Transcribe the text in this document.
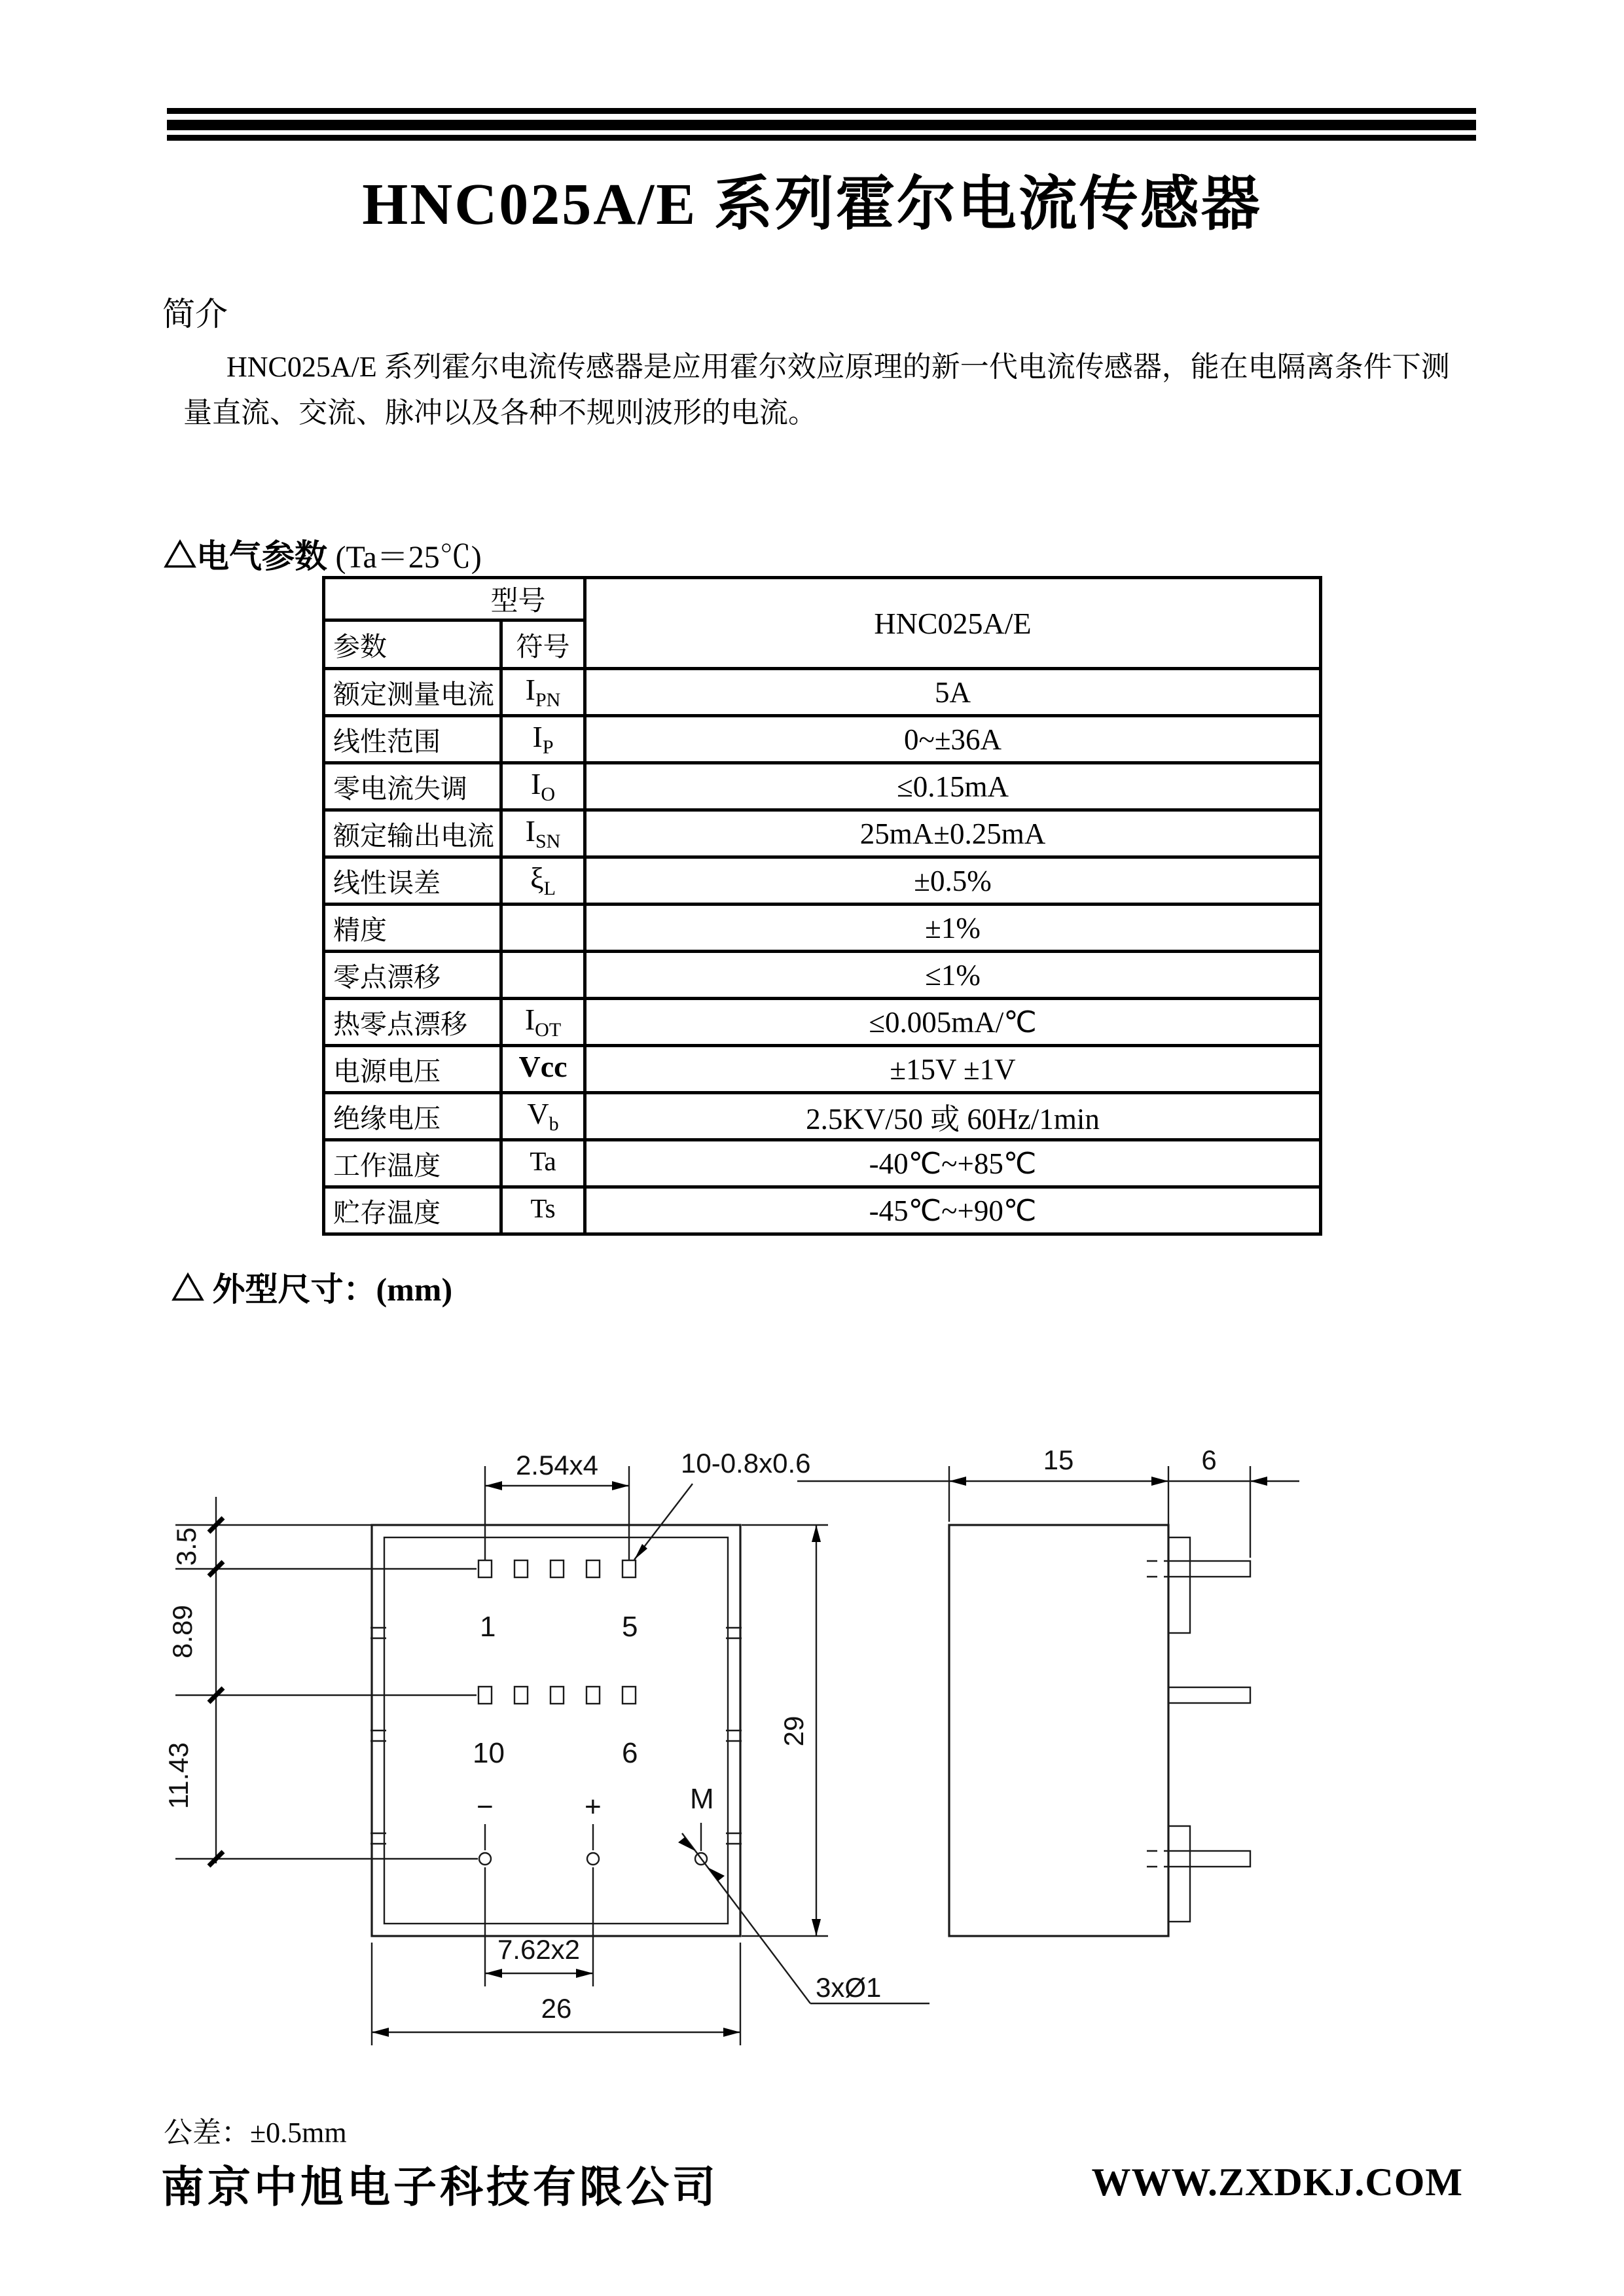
HNC025A/E 系列霍尔电流传感器
简介
HNC025A/E 系列霍尔电流传感器是应用霍尔效应原理的新一代电流传感器，能在电隔离条件下测
量直流、交流、脉冲以及各种不规则波形的电流。
△电气参数 (Ta＝25℃)
型号		HNC025A/E
参数	符号	
额定测量电流	$I_{PN}$	5A
线性范围	$I_P$	0~±36A
零电流失调	$I_O$	≤0.15mA
额定输出电流	$I_{SN}$	25mA±0.25mA
线性误差	$\xi_L$	±0.5%
精度		±1%
零点漂移		≤1%
热零点漂移	$I_{OT}$	≤0.005mA/℃
电源电压	Vcc	±15V ±1V
绝缘电压	$V_b$	2.5KV/50 或 60Hz/1min
工作温度	Ta	-40℃~+85℃
贮存温度	Ts	-45℃~+90℃
△ 外型尺寸：(mm)
1	5
10	6
−	+	M
2.54x4	10-0.8x0.6
3.5
8.89
11.43
29
7.62x2
26
3xØ1
15	6
公差：±0.5mm
南京中旭电子科技有限公司	WWW.ZXDKJ.COM
